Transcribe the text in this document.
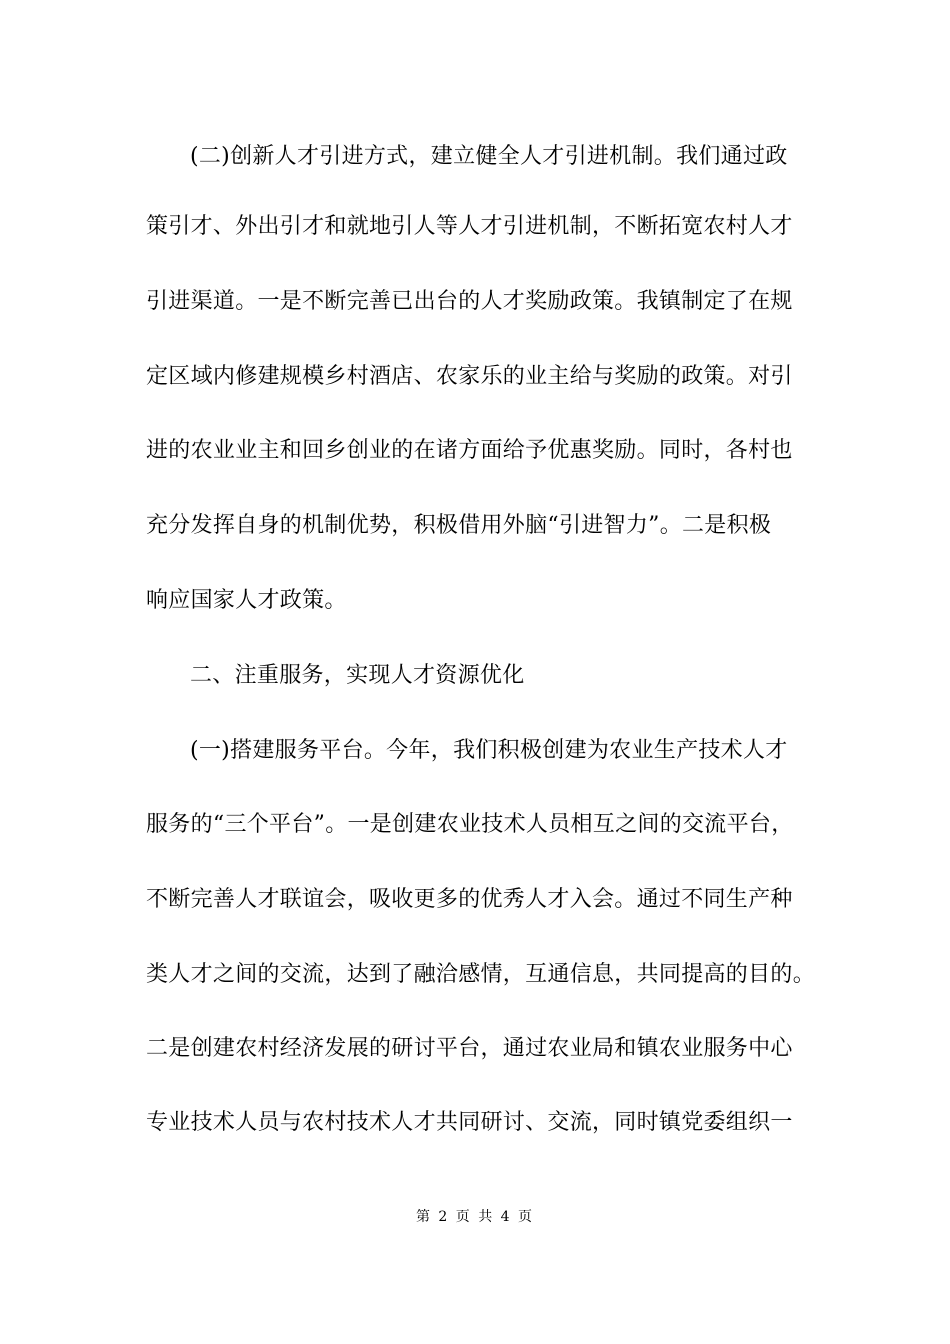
(二)创新人才引进方式，建立健全人才引进机制。我们通过政
策引才、外出引才和就地引人等人才引进机制，不断拓宽农村人才
引进渠道。一是不断完善已出台的人才奖励政策。我镇制定了在规
定区域内修建规模乡村酒店、农家乐的业主给与奖励的政策。对引
进的农业业主和回乡创业的在诸方面给予优惠奖励。同时，各村也
充分发挥自身的机制优势，积极借用外脑“引进智力”。二是积极
响应国家人才政策。
二、注重服务，实现人才资源优化
(一)搭建服务平台。今年，我们积极创建为农业生产技术人才
服务的“三个平台”。一是创建农业技术人员相互之间的交流平台，
不断完善人才联谊会，吸收更多的优秀人才入会。通过不同生产种
类人才之间的交流，达到了融洽感情，互通信息，共同提高的目的。
二是创建农村经济发展的研讨平台，通过农业局和镇农业服务中心
专业技术人员与农村技术人才共同研讨、交流，同时镇党委组织一
第 2 页 共 4 页
